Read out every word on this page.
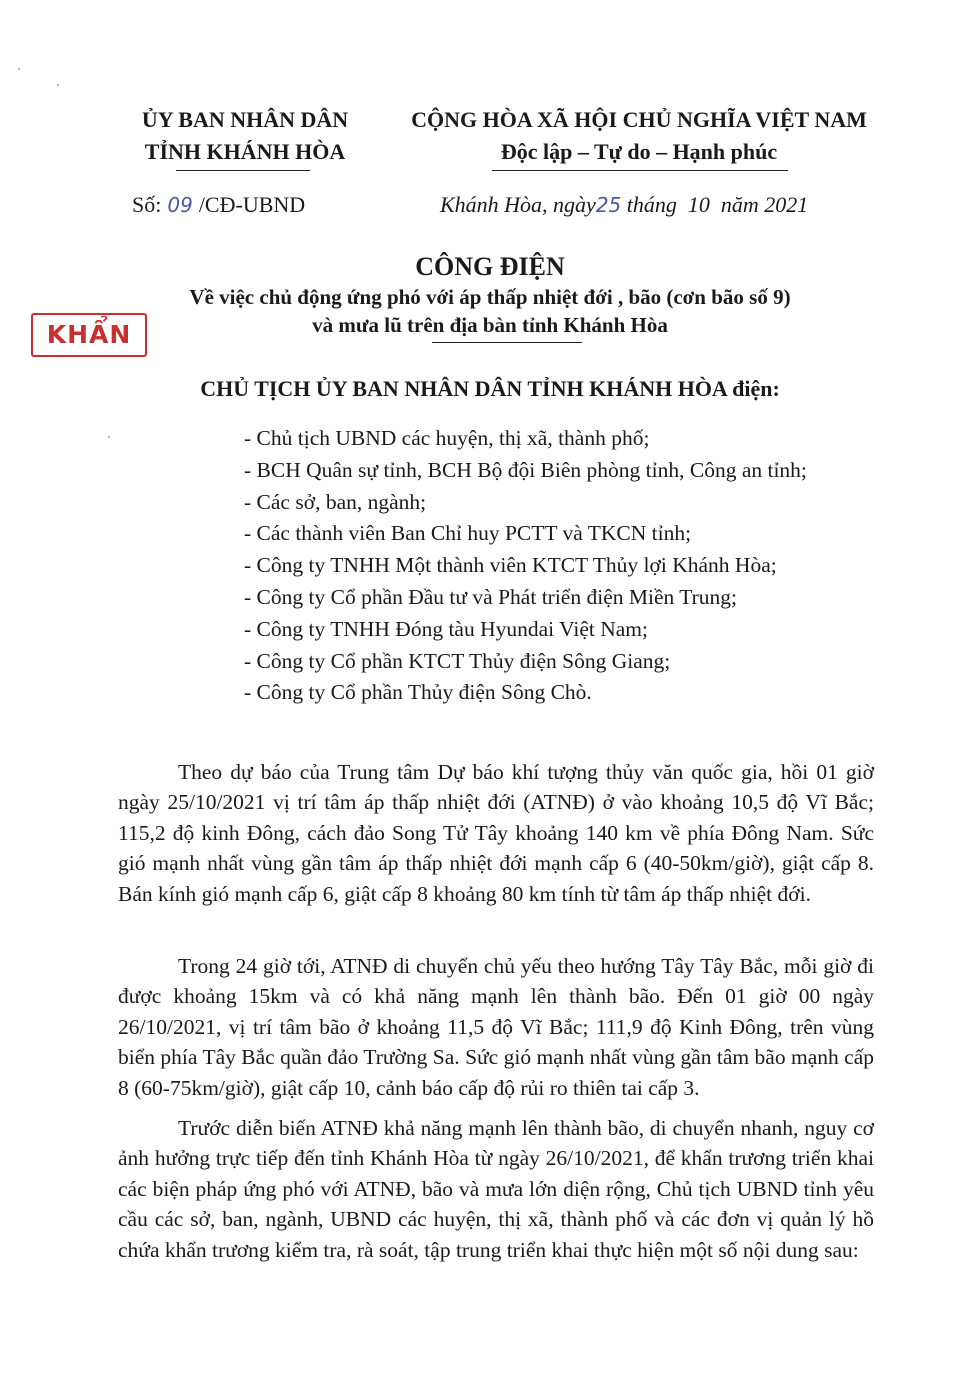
ỦY BAN NHÂN DÂN
TỈNH KHÁNH HÒA
CỘNG HÒA XÃ HỘI CHỦ NGHĨA VIỆT NAM
Độc lập – Tự do – Hạnh phúc
Số: 09 /CĐ-UBND	Khánh Hòa, ngày25 tháng  10  năm 2021
KHẨN
CÔNG ĐIỆN
Về việc chủ động ứng phó với áp thấp nhiệt đới , bão (cơn bão số 9)
và mưa lũ trên địa bàn tỉnh Khánh Hòa
CHỦ TỊCH ỦY BAN NHÂN DÂN TỈNH KHÁNH HÒA điện:
- Chủ tịch UBND các huyện, thị xã, thành phố;
- BCH Quân sự tỉnh, BCH Bộ đội Biên phòng tỉnh, Công an tỉnh;
- Các sở, ban, ngành;
- Các thành viên Ban Chỉ huy PCTT và TKCN tỉnh;
- Công ty TNHH Một thành viên KTCT Thủy lợi Khánh Hòa;
- Công ty Cổ phần Đầu tư và Phát triển điện Miền Trung;
- Công ty TNHH Đóng tàu Hyundai Việt Nam;
- Công ty Cổ phần KTCT Thủy điện Sông Giang;
- Công ty Cổ phần Thủy điện Sông Chò.

Theo dự báo của Trung tâm Dự báo khí tượng thủy văn quốc gia, hồi 01 giờ ngày 25/10/2021 vị trí tâm áp thấp nhiệt đới (ATNĐ) ở vào khoảng 10,5 độ Vĩ Bắc; 115,2 độ kinh Đông, cách đảo Song Tử Tây khoảng 140 km về phía Đông Nam. Sức gió mạnh nhất vùng gần tâm áp thấp nhiệt đới mạnh cấp 6 (40-50km/giờ), giật cấp 8. Bán kính gió mạnh cấp 6, giật cấp 8 khoảng 80 km tính từ tâm áp thấp nhiệt đới.

Trong 24 giờ tới, ATNĐ di chuyển chủ yếu theo hướng Tây Tây Bắc, mỗi giờ đi được khoảng 15km và có khả năng mạnh lên thành bão. Đến 01 giờ 00 ngày 26/10/2021, vị trí tâm bão ở khoảng 11,5 độ Vĩ Bắc; 111,9 độ Kinh Đông, trên vùng biển phía Tây Bắc quần đảo Trường Sa. Sức gió mạnh nhất vùng gần tâm bão mạnh cấp 8 (60-75km/giờ), giật cấp 10, cảnh báo cấp độ rủi ro thiên tai cấp 3.

Trước diễn biến ATNĐ khả năng mạnh lên thành bão, di chuyển nhanh, nguy cơ ảnh hưởng trực tiếp đến tỉnh Khánh Hòa từ ngày 26/10/2021, để khẩn trương triển khai các biện pháp ứng phó với ATNĐ, bão và mưa lớn diện rộng, Chủ tịch UBND tỉnh yêu cầu các sở, ban, ngành, UBND các huyện, thị xã, thành phố và các đơn vị quản lý hồ chứa khẩn trương kiểm tra, rà soát, tập trung triển khai thực hiện một số nội dung sau:
